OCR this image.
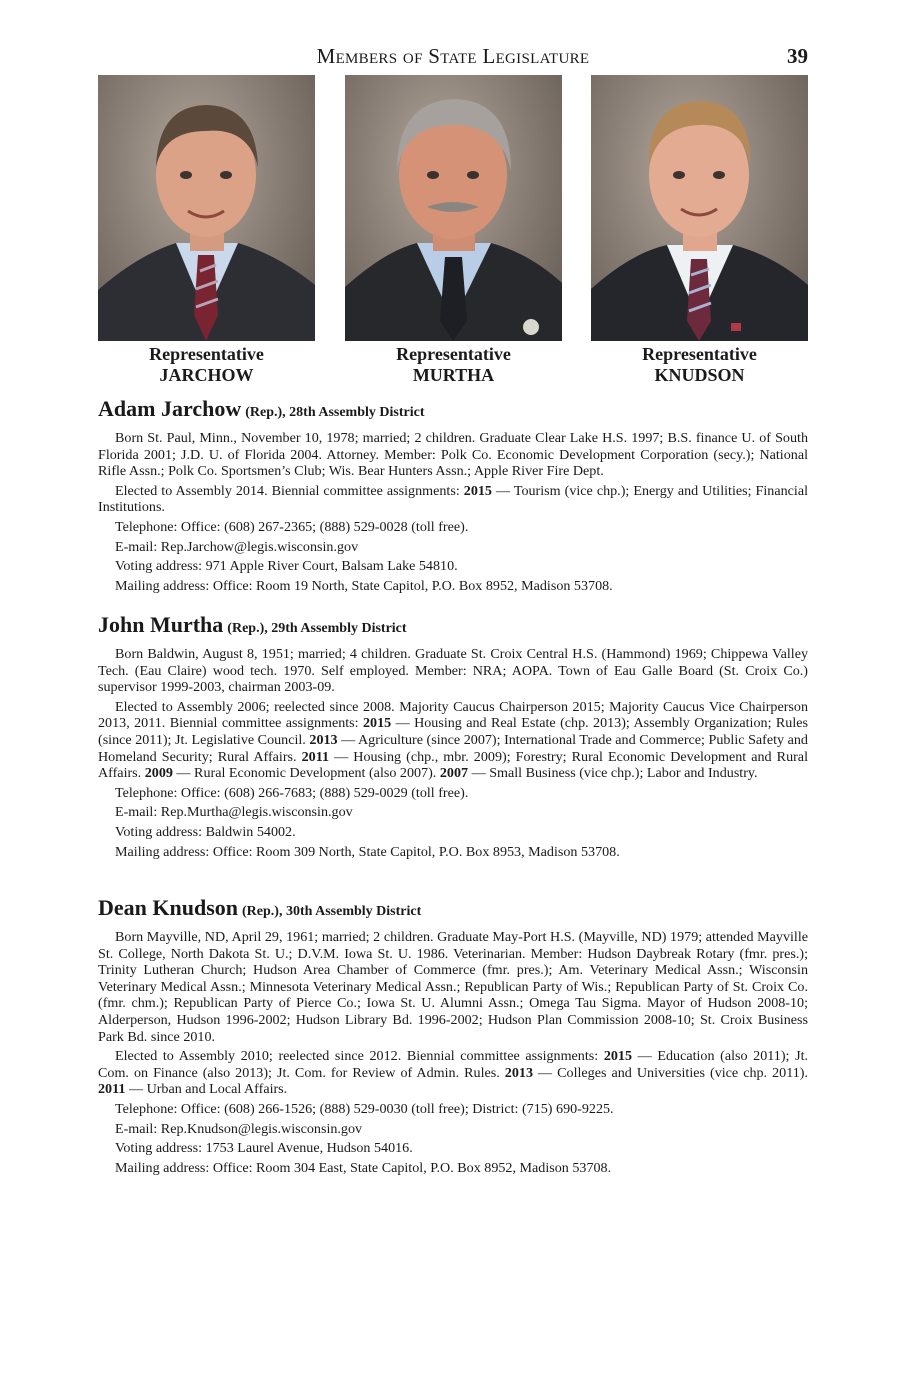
Members of State Legislature	39
Representative
JARCHOW
Representative
MURTHA
Representative
KNUDSON
Adam Jarchow (Rep.), 28th Assembly District

Born St. Paul, Minn., November 10, 1978; married; 2 children. Graduate Clear Lake H.S. 1997; B.S. finance U. of South Florida 2001; J.D. U. of Florida 2004. Attorney. Member: Polk Co. Economic Development Corporation (secy.); National Rifle Assn.; Polk Co. Sportsmen’s Club; Wis. Bear Hunters Assn.; Apple River Fire Dept.

Elected to Assembly 2014. Biennial committee assignments: 2015 — Tourism (vice chp.); Energy and Utilities; Financial Institutions.

Telephone: Office: (608) 267-2365; (888) 529-0028 (toll free).
E-mail: Rep.Jarchow@legis.wisconsin.gov
Voting address: 971 Apple River Court, Balsam Lake 54810.
Mailing address: Office: Room 19 North, State Capitol, P.O. Box 8952, Madison 53708.
John Murtha (Rep.), 29th Assembly District

Born Baldwin, August 8, 1951; married; 4 children. Graduate St. Croix Central H.S. (Hammond) 1969; Chippewa Valley Tech. (Eau Claire) wood tech. 1970. Self employed. Member: NRA; AOPA. Town of Eau Galle Board (St. Croix Co.) supervisor 1999-2003, chairman 2003-09.

Elected to Assembly 2006; reelected since 2008. Majority Caucus Chairperson 2015; Majority Caucus Vice Chairperson 2013, 2011. Biennial committee assignments: 2015 — Housing and Real Estate (chp. 2013); Assembly Organization; Rules (since 2011); Jt. Legislative Council. 2013 — Agriculture (since 2007); International Trade and Commerce; Public Safety and Homeland Security; Rural Affairs. 2011 — Housing (chp., mbr. 2009); Forestry; Rural Economic Development and Rural Affairs. 2009 — Rural Economic Development (also 2007). 2007 — Small Business (vice chp.); Labor and Industry.

Telephone: Office: (608) 266-7683; (888) 529-0029 (toll free).
E-mail: Rep.Murtha@legis.wisconsin.gov
Voting address: Baldwin 54002.
Mailing address: Office: Room 309 North, State Capitol, P.O. Box 8953, Madison 53708.
Dean Knudson (Rep.), 30th Assembly District

Born Mayville, ND, April 29, 1961; married; 2 children. Graduate May-Port H.S. (Mayville, ND) 1979; attended Mayville St. College, North Dakota St. U.; D.V.M. Iowa St. U. 1986. Veterinarian. Member: Hudson Daybreak Rotary (fmr. pres.); Trinity Lutheran Church; Hudson Area Chamber of Commerce (fmr. pres.); Am. Veterinary Medical Assn.; Wisconsin Veterinary Medical Assn.; Minnesota Veterinary Medical Assn.; Republican Party of Wis.; Republican Party of St. Croix Co. (fmr. chm.); Republican Party of Pierce Co.; Iowa St. U. Alumni Assn.; Omega Tau Sigma. Mayor of Hudson 2008-10; Alderperson, Hudson 1996-2002; Hudson Library Bd. 1996-2002; Hudson Plan Commission 2008-10; St. Croix Business Park Bd. since 2010.

Elected to Assembly 2010; reelected since 2012. Biennial committee assignments: 2015 — Education (also 2011); Jt. Com. on Finance (also 2013); Jt. Com. for Review of Admin. Rules. 2013 — Colleges and Universities (vice chp. 2011). 2011 — Urban and Local Affairs.

Telephone: Office: (608) 266-1526; (888) 529-0030 (toll free); District: (715) 690-9225.
E-mail: Rep.Knudson@legis.wisconsin.gov
Voting address: 1753 Laurel Avenue, Hudson 54016.
Mailing address: Office: Room 304 East, State Capitol, P.O. Box 8952, Madison 53708.
